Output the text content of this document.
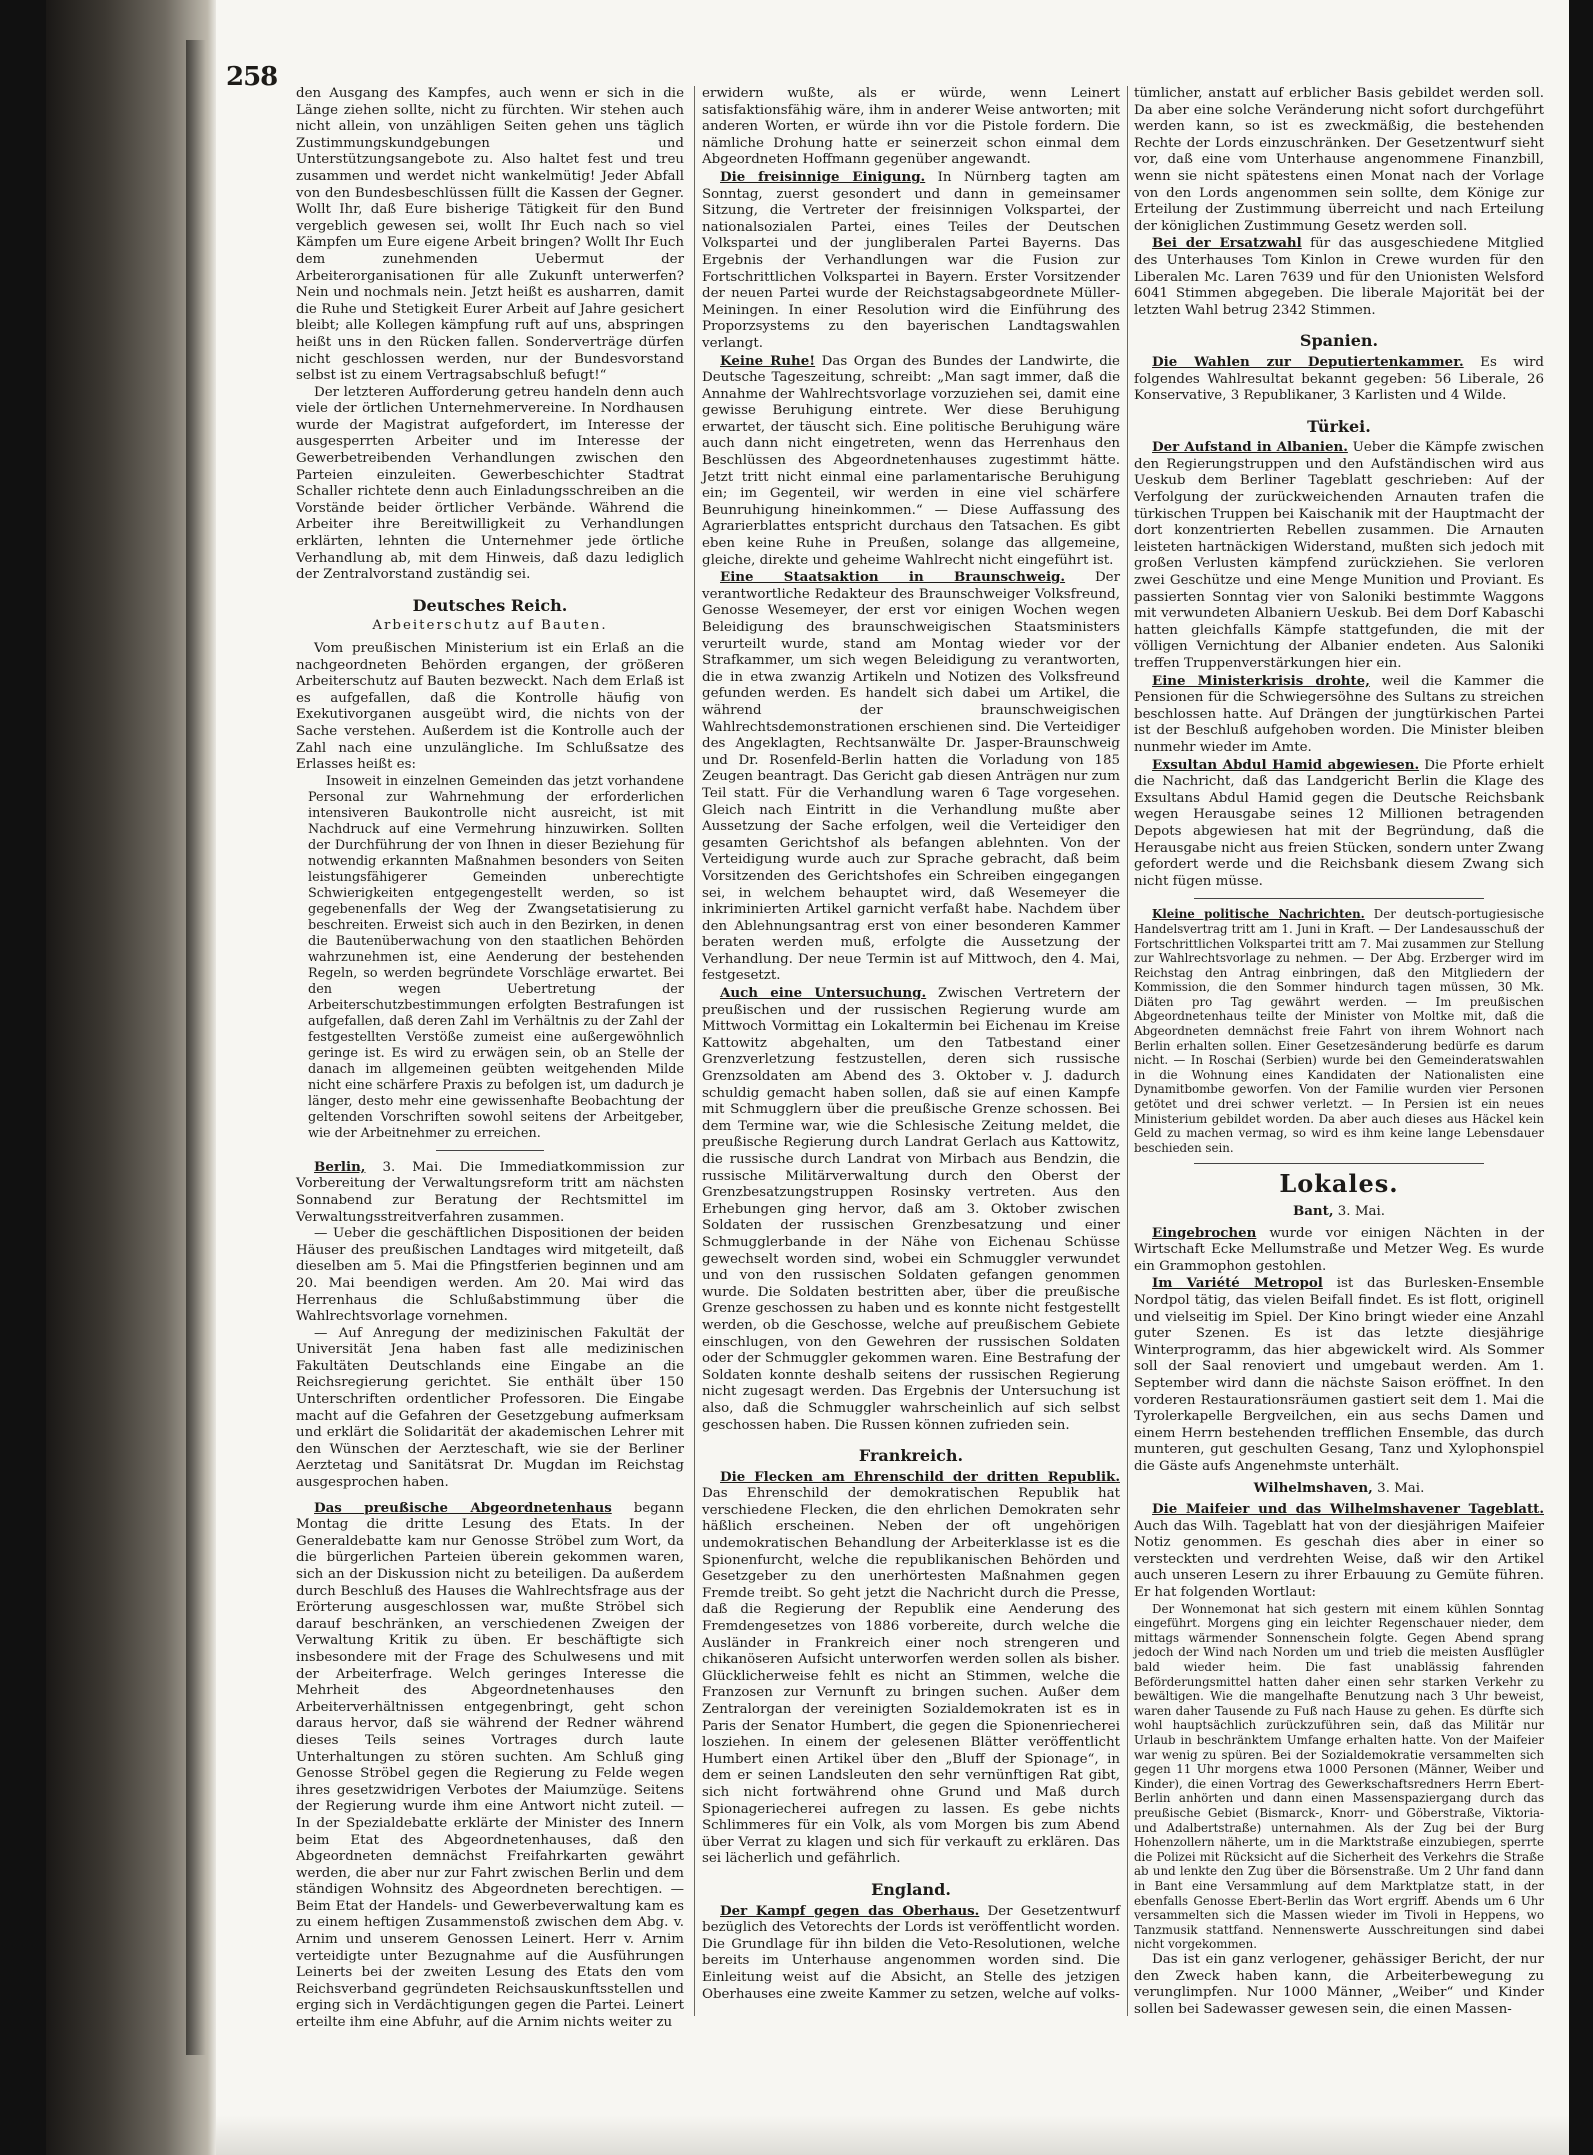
258

den Ausgang des Kampfes, auch wenn er sich in die Länge ziehen sollte, nicht zu fürchten. Wir stehen auch nicht allein, von unzähligen Seiten gehen uns täglich Zustimmungskundgebungen und Unterstützungsangebote zu. Also haltet fest und treu zusammen und werdet nicht wankelmütig! Jeder Abfall von den Bundesbeschlüssen füllt die Kassen der Gegner. Wollt Ihr, daß Eure bisherige Tätigkeit für den Bund vergeblich gewesen sei, wollt Ihr Euch nach so viel Kämpfen um Eure eigene Arbeit bringen? Wollt Ihr Euch dem zunehmenden Uebermut der Arbeiterorganisationen für alle Zukunft unterwerfen? Nein und nochmals nein. Jetzt heißt es ausharren, damit die Ruhe und Stetigkeit Eurer Arbeit auf Jahre gesichert bleibt; alle Kollegen kämpfung ruft auf uns, abspringen heißt uns in den Rücken fallen. Sonderverträge dürfen nicht geschlossen werden, nur der Bundesvorstand selbst ist zu einem Vertragsabschluß befugt!“

Der letzteren Aufforderung getreu handeln denn auch viele der örtlichen Unternehmervereine. In Nordhausen wurde der Magistrat aufgefordert, im Interesse der ausgesperrten Arbeiter und im Interesse der Gewerbetreibenden Verhandlungen zwischen den Parteien einzuleiten. Gewerbeschichter Stadtrat Schaller richtete denn auch Einladungsschreiben an die Vorstände beider örtlicher Verbände. Während die Arbeiter ihre Bereitwilligkeit zu Verhandlungen erklärten, lehnten die Unternehmer jede örtliche Verhandlung ab, mit dem Hinweis, daß dazu lediglich der Zentralvorstand zuständig sei.

Deutsches Reich.
Arbeiterschutz auf Bauten.

Vom preußischen Ministerium ist ein Erlaß an die nachgeordneten Behörden ergangen, der größeren Arbeiterschutz auf Bauten bezweckt. Nach dem Erlaß ist es aufgefallen, daß die Kontrolle häufig von Exekutivorganen ausgeübt wird, die nichts von der Sache verstehen. Außerdem ist die Kontrolle auch der Zahl nach eine unzulängliche. Im Schlußsatze des Erlasses heißt es:

Insoweit in einzelnen Gemeinden das jetzt vorhandene Personal zur Wahrnehmung der erforderlichen intensiveren Baukontrolle nicht ausreicht, ist mit Nachdruck auf eine Vermehrung hinzuwirken. Sollten der Durchführung der von Ihnen in dieser Beziehung für notwendig erkannten Maßnahmen besonders von Seiten leistungsfähigerer Gemeinden unberechtigte Schwierigkeiten entgegengestellt werden, so ist gegebenenfalls der Weg der Zwangsetatisierung zu beschreiten. Erweist sich auch in den Bezirken, in denen die Bautenüberwachung von den staatlichen Behörden wahrzunehmen ist, eine Aenderung der bestehenden Regeln, so werden begründete Vorschläge erwartet. Bei den wegen Uebertretung der Arbeiterschutzbestimmungen erfolgten Bestrafungen ist aufgefallen, daß deren Zahl im Verhältnis zu der Zahl der festgestellten Verstöße zumeist eine außergewöhnlich geringe ist. Es wird zu erwägen sein, ob an Stelle der danach im allgemeinen geübten weitgehenden Milde nicht eine schärfere Praxis zu befolgen ist, um dadurch je länger, desto mehr eine gewissenhafte Beobachtung der geltenden Vorschriften sowohl seitens der Arbeitgeber, wie der Arbeitnehmer zu erreichen.

Berlin, 3. Mai. Die Immediatkommission zur Vorbereitung der Verwaltungsreform tritt am nächsten Sonnabend zur Beratung der Rechtsmittel im Verwaltungsstreitverfahren zusammen.

— Ueber die geschäftlichen Dispositionen der beiden Häuser des preußischen Landtages wird mitgeteilt, daß dieselben am 5. Mai die Pfingstferien beginnen und am 20. Mai beendigen werden. Am 20. Mai wird das Herrenhaus die Schlußabstimmung über die Wahlrechtsvorlage vornehmen.

— Auf Anregung der medizinischen Fakultät der Universität Jena haben fast alle medizinischen Fakultäten Deutschlands eine Eingabe an die Reichsregierung gerichtet. Sie enthält über 150 Unterschriften ordentlicher Professoren. Die Eingabe macht auf die Gefahren der Gesetzgebung aufmerksam und erklärt die Solidarität der akademischen Lehrer mit den Wünschen der Aerzteschaft, wie sie der Berliner Aerztetag und Sanitätsrat Dr. Mugdan im Reichstag ausgesprochen haben.

Das preußische Abgeordnetenhaus begann Montag die dritte Lesung des Etats. In der Generaldebatte kam nur Genosse Ströbel zum Wort, da die bürgerlichen Parteien überein gekommen waren, sich an der Diskussion nicht zu beteiligen. Da außerdem durch Beschluß des Hauses die Wahlrechtsfrage aus der Erörterung ausgeschlossen war, mußte Ströbel sich darauf beschränken, an verschiedenen Zweigen der Verwaltung Kritik zu üben. Er beschäftigte sich insbesondere mit der Frage des Schulwesens und mit der Arbeiterfrage. Welch geringes Interesse die Mehrheit des Abgeordnetenhauses den Arbeiterverhältnissen entgegenbringt, geht schon daraus hervor, daß sie während der Redner während dieses Teils seines Vortrages durch laute Unterhaltungen zu stören suchten. Am Schluß ging Genosse Ströbel gegen die Regierung zu Felde wegen ihres gesetzwidrigen Verbotes der Maiumzüge. Seitens der Regierung wurde ihm eine Antwort nicht zuteil. — In der Spezialdebatte erklärte der Minister des Innern beim Etat des Abgeordnetenhauses, daß den Abgeordneten demnächst Freifahrkarten gewährt werden, die aber nur zur Fahrt zwischen Berlin und dem ständigen Wohnsitz des Abgeordneten berechtigen. — Beim Etat der Handels- und Gewerbeverwaltung kam es zu einem heftigen Zusammenstoß zwischen dem Abg. v. Arnim und unserem Genossen Leinert. Herr v. Arnim verteidigte unter Bezugnahme auf die Ausführungen Leinerts bei der zweiten Lesung des Etats den vom Reichsverband gegründeten Reichsauskunftsstellen und erging sich in Verdächtigungen gegen die Partei. Leinert erteilte ihm eine Abfuhr, auf die Arnim nichts weiter zu

erwidern wußte, als er würde, wenn Leinert satisfaktionsfähig wäre, ihm in anderer Weise antworten; mit anderen Worten, er würde ihn vor die Pistole fordern. Die nämliche Drohung hatte er seinerzeit schon einmal dem Abgeordneten Hoffmann gegenüber angewandt.

Die freisinnige Einigung. In Nürnberg tagten am Sonntag, zuerst gesondert und dann in gemeinsamer Sitzung, die Vertreter der freisinnigen Volkspartei, der nationalsozialen Partei, eines Teiles der Deutschen Volkspartei und der jungliberalen Partei Bayerns. Das Ergebnis der Verhandlungen war die Fusion zur Fortschrittlichen Volkspartei in Bayern. Erster Vorsitzender der neuen Partei wurde der Reichstagsabgeordnete Müller-Meiningen. In einer Resolution wird die Einführung des Proporzsystems zu den bayerischen Landtagswahlen verlangt.

Keine Ruhe! Das Organ des Bundes der Landwirte, die Deutsche Tageszeitung, schreibt: „Man sagt immer, daß die Annahme der Wahlrechtsvorlage vorzuziehen sei, damit eine gewisse Beruhigung eintrete. Wer diese Beruhigung erwartet, der täuscht sich. Eine politische Beruhigung wäre auch dann nicht eingetreten, wenn das Herrenhaus den Beschlüssen des Abgeordnetenhauses zugestimmt hätte. Jetzt tritt nicht einmal eine parlamentarische Beruhigung ein; im Gegenteil, wir werden in eine viel schärfere Beunruhigung hineinkommen.“ — Diese Auffassung des Agrarierblattes entspricht durchaus den Tatsachen. Es gibt eben keine Ruhe in Preußen, solange das allgemeine, gleiche, direkte und geheime Wahlrecht nicht eingeführt ist.

Eine Staatsaktion in Braunschweig. Der verantwortliche Redakteur des Braunschweiger Volksfreund, Genosse Wesemeyer, der erst vor einigen Wochen wegen Beleidigung des braunschweigischen Staatsministers verurteilt wurde, stand am Montag wieder vor der Strafkammer, um sich wegen Beleidigung zu verantworten, die in etwa zwanzig Artikeln und Notizen des Volksfreund gefunden werden. Es handelt sich dabei um Artikel, die während der braunschweigischen Wahlrechtsdemonstrationen erschienen sind. Die Verteidiger des Angeklagten, Rechtsanwälte Dr. Jasper-Braunschweig und Dr. Rosenfeld-Berlin hatten die Vorladung von 185 Zeugen beantragt. Das Gericht gab diesen Anträgen nur zum Teil statt. Für die Verhandlung waren 6 Tage vorgesehen. Gleich nach Eintritt in die Verhandlung mußte aber Aussetzung der Sache erfolgen, weil die Verteidiger den gesamten Gerichtshof als befangen ablehnten. Von der Verteidigung wurde auch zur Sprache gebracht, daß beim Vorsitzenden des Gerichtshofes ein Schreiben eingegangen sei, in welchem behauptet wird, daß Wesemeyer die inkriminierten Artikel garnicht verfaßt habe. Nachdem über den Ablehnungsantrag erst von einer besonderen Kammer beraten werden muß, erfolgte die Aussetzung der Verhandlung. Der neue Termin ist auf Mittwoch, den 4. Mai, festgesetzt.

Auch eine Untersuchung. Zwischen Vertretern der preußischen und der russischen Regierung wurde am Mittwoch Vormittag ein Lokaltermin bei Eichenau im Kreise Kattowitz abgehalten, um den Tatbestand einer Grenzverletzung festzustellen, deren sich russische Grenzsoldaten am Abend des 3. Oktober v. J. dadurch schuldig gemacht haben sollen, daß sie auf einen Kampfe mit Schmugglern über die preußische Grenze schossen. Bei dem Termine war, wie die Schlesische Zeitung meldet, die preußische Regierung durch Landrat Gerlach aus Kattowitz, die russische durch Landrat von Mirbach aus Bendzin, die russische Militärverwaltung durch den Oberst der Grenzbesatzungstruppen Rosinsky vertreten. Aus den Erhebungen ging hervor, daß am 3. Oktober zwischen Soldaten der russischen Grenzbesatzung und einer Schmugglerbande in der Nähe von Eichenau Schüsse gewechselt worden sind, wobei ein Schmuggler verwundet und von den russischen Soldaten gefangen genommen wurde. Die Soldaten bestritten aber, über die preußische Grenze geschossen zu haben und es konnte nicht festgestellt werden, ob die Geschosse, welche auf preußischem Gebiete einschlugen, von den Gewehren der russischen Soldaten oder der Schmuggler gekommen waren. Eine Bestrafung der Soldaten konnte deshalb seitens der russischen Regierung nicht zugesagt werden. Das Ergebnis der Untersuchung ist also, daß die Schmuggler wahrscheinlich auf sich selbst geschossen haben. Die Russen können zufrieden sein.

Frankreich.

Die Flecken am Ehrenschild der dritten Republik. Das Ehrenschild der demokratischen Republik hat verschiedene Flecken, die den ehrlichen Demokraten sehr häßlich erscheinen. Neben der oft ungehörigen undemokratischen Behandlung der Arbeiterklasse ist es die Spionenfurcht, welche die republikanischen Behörden und Gesetzgeber zu den unerhörtesten Maßnahmen gegen Fremde treibt. So geht jetzt die Nachricht durch die Presse, daß die Regierung der Republik eine Aenderung des Fremdengesetzes von 1886 vorbereite, durch welche die Ausländer in Frankreich einer noch strengeren und chikanöseren Aufsicht unterworfen werden sollen als bisher. Glücklicherweise fehlt es nicht an Stimmen, welche die Franzosen zur Vernunft zu bringen suchen. Außer dem Zentralorgan der vereinigten Sozialdemokraten ist es in Paris der Senator Humbert, die gegen die Spionenriecherei losziehen. In einem der gelesenen Blätter veröffentlicht Humbert einen Artikel über den „Bluff der Spionage“, in dem er seinen Landsleuten den sehr vernünftigen Rat gibt, sich nicht fortwährend ohne Grund und Maß durch Spionageriecherei aufregen zu lassen. Es gebe nichts Schlimmeres für ein Volk, als vom Morgen bis zum Abend über Verrat zu klagen und sich für verkauft zu erklären. Das sei lächerlich und gefährlich.

England.

Der Kampf gegen das Oberhaus. Der Gesetzentwurf bezüglich des Vetorechts der Lords ist veröffentlicht worden. Die Grundlage für ihn bilden die Veto-Resolutionen, welche bereits im Unterhause angenommen worden sind. Die Einleitung weist auf die Absicht, an Stelle des jetzigen Oberhauses eine zweite Kammer zu setzen, welche auf volks-

tümlicher, anstatt auf erblicher Basis gebildet werden soll. Da aber eine solche Veränderung nicht sofort durchgeführt werden kann, so ist es zweckmäßig, die bestehenden Rechte der Lords einzuschränken. Der Gesetzentwurf sieht vor, daß eine vom Unterhause angenommene Finanzbill, wenn sie nicht spätestens einen Monat nach der Vorlage von den Lords angenommen sein sollte, dem Könige zur Erteilung der Zustimmung überreicht und nach Erteilung der königlichen Zustimmung Gesetz werden soll.

Bei der Ersatzwahl für das ausgeschiedene Mitglied des Unterhauses Tom Kinlon in Crewe wurden für den Liberalen Mc. Laren 7639 und für den Unionisten Welsford 6041 Stimmen abgegeben. Die liberale Majorität bei der letzten Wahl betrug 2342 Stimmen.

Spanien.

Die Wahlen zur Deputiertenkammer. Es wird folgendes Wahlresultat bekannt gegeben: 56 Liberale, 26 Konservative, 3 Republikaner, 3 Karlisten und 4 Wilde.

Türkei.

Der Aufstand in Albanien. Ueber die Kämpfe zwischen den Regierungstruppen und den Aufständischen wird aus Ueskub dem Berliner Tageblatt geschrieben: Auf der Verfolgung der zurückweichenden Arnauten trafen die türkischen Truppen bei Kaischanik mit der Hauptmacht der dort konzentrierten Rebellen zusammen. Die Arnauten leisteten hartnäckigen Widerstand, mußten sich jedoch mit großen Verlusten kämpfend zurückziehen. Sie verloren zwei Geschütze und eine Menge Munition und Proviant. Es passierten Sonntag vier von Saloniki bestimmte Waggons mit verwundeten Albaniern Ueskub. Bei dem Dorf Kabaschi hatten gleichfalls Kämpfe stattgefunden, die mit der völligen Vernichtung der Albanier endeten. Aus Saloniki treffen Truppenverstärkungen hier ein.

Eine Ministerkrisis drohte, weil die Kammer die Pensionen für die Schwiegersöhne des Sultans zu streichen beschlossen hatte. Auf Drängen der jungtürkischen Partei ist der Beschluß aufgehoben worden. Die Minister bleiben nunmehr wieder im Amte.

Exsultan Abdul Hamid abgewiesen. Die Pforte erhielt die Nachricht, daß das Landgericht Berlin die Klage des Exsultans Abdul Hamid gegen die Deutsche Reichsbank wegen Herausgabe seines 12 Millionen betragenden Depots abgewiesen hat mit der Begründung, daß die Herausgabe nicht aus freien Stücken, sondern unter Zwang gefordert werde und die Reichsbank diesem Zwang sich nicht fügen müsse.

Kleine politische Nachrichten. Der deutsch-portugiesische Handelsvertrag tritt am 1. Juni in Kraft. — Der Landesausschuß der Fortschrittlichen Volkspartei tritt am 7. Mai zusammen zur Stellung zur Wahlrechtsvorlage zu nehmen. — Der Abg. Erzberger wird im Reichstag den Antrag einbringen, daß den Mitgliedern der Kommission, die den Sommer hindurch tagen müssen, 30 Mk. Diäten pro Tag gewährt werden. — Im preußischen Abgeordnetenhaus teilte der Minister von Moltke mit, daß die Abgeordneten demnächst freie Fahrt von ihrem Wohnort nach Berlin erhalten sollen. Einer Gesetzesänderung bedürfe es darum nicht. — In Roschai (Serbien) wurde bei den Gemeinderatswahlen in die Wohnung eines Kandidaten der Nationalisten eine Dynamitbombe geworfen. Von der Familie wurden vier Personen getötet und drei schwer verletzt. — In Persien ist ein neues Ministerium gebildet worden. Da aber auch dieses aus Häckel kein Geld zu machen vermag, so wird es ihm keine lange Lebensdauer beschieden sein.

Lokales.
Bant, 3. Mai.

Eingebrochen wurde vor einigen Nächten in der Wirtschaft Ecke Mellumstraße und Metzer Weg. Es wurde ein Grammophon gestohlen.

Im Variété Metropol ist das Burlesken-Ensemble Nordpol tätig, das vielen Beifall findet. Es ist flott, originell und vielseitig im Spiel. Der Kino bringt wieder eine Anzahl guter Szenen. Es ist das letzte diesjährige Winterprogramm, das hier abgewickelt wird. Als Sommer soll der Saal renoviert und umgebaut werden. Am 1. September wird dann die nächste Saison eröffnet. In den vorderen Restaurationsräumen gastiert seit dem 1. Mai die Tyrolerkapelle Bergveilchen, ein aus sechs Damen und einem Herrn bestehenden trefflichen Ensemble, das durch munteren, gut geschulten Gesang, Tanz und Xylophonspiel die Gäste aufs Angenehmste unterhält.

Wilhelmshaven, 3. Mai.

Die Maifeier und das Wilhelmshavener Tageblatt. Auch das Wilh. Tageblatt hat von der diesjährigen Maifeier Notiz genommen. Es geschah dies aber in einer so versteckten und verdrehten Weise, daß wir den Artikel auch unseren Lesern zu ihrer Erbauung zu Gemüte führen. Er hat folgenden Wortlaut:

Der Wonnemonat hat sich gestern mit einem kühlen Sonntag eingeführt. Morgens ging ein leichter Regenschauer nieder, dem mittags wärmender Sonnenschein folgte. Gegen Abend sprang jedoch der Wind nach Norden um und trieb die meisten Ausflügler bald wieder heim. Die fast unablässig fahrenden Beförderungsmittel hatten daher einen sehr starken Verkehr zu bewältigen. Wie die mangelhafte Benutzung nach 3 Uhr beweist, waren daher Tausende zu Fuß nach Hause zu gehen. Es dürfte sich wohl hauptsächlich zurückzuführen sein, daß das Militär nur Urlaub in beschränktem Umfange erhalten hatte. Von der Maifeier war wenig zu spüren. Bei der Sozialdemokratie versammelten sich gegen 11 Uhr morgens etwa 1000 Personen (Männer, Weiber und Kinder), die einen Vortrag des Gewerkschaftsredners Herrn Ebert-Berlin anhörten und dann einen Massenspaziergang durch das preußische Gebiet (Bismarck-, Knorr- und Göberstraße, Viktoria- und Adalbertstraße) unternahmen. Als der Zug bei der Burg Hohenzollern näherte, um in die Marktstraße einzubiegen, sperrte die Polizei mit Rücksicht auf die Sicherheit des Verkehrs die Straße ab und lenkte den Zug über die Börsenstraße. Um 2 Uhr fand dann in Bant eine Versammlung auf dem Marktplatze statt, in der ebenfalls Genosse Ebert-Berlin das Wort ergriff. Abends um 6 Uhr versammelten sich die Massen wieder im Tivoli in Heppens, wo Tanzmusik stattfand. Nennenswerte Ausschreitungen sind dabei nicht vorgekommen.

Das ist ein ganz verlogener, gehässiger Bericht, der nur den Zweck haben kann, die Arbeiterbewegung zu verunglimpfen. Nur 1000 Männer, „Weiber“ und Kinder sollen bei Sadewasser gewesen sein, die einen Massen-
